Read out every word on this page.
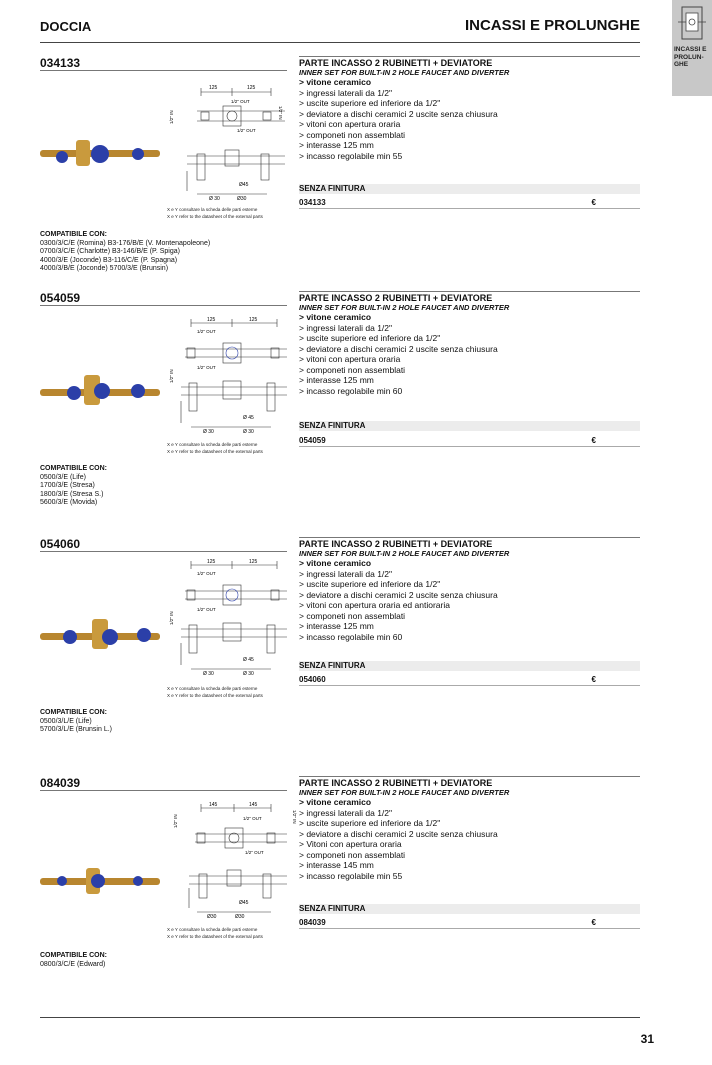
DOCCIA	INCASSI E PROLUNGHE
INCASSI E
PROLUN-
GHE
034133	PARTE INCASSO 2 RUBINETTI + DEVIATORE
INNER SET FOR BUILT-IN 2 HOLE FAUCET AND DIVERTER
> vitone ceramico
> ingressi laterali da 1/2"
> uscite superiore ed inferiore da 1/2"
> deviatore a dischi ceramici 2 uscite senza chiusura
> vitoni con apertura oraria
> componeti non assemblati
> interasse 125 mm
> incasso regolabile min 55
SENZA FINITURA
034133	€
125	125
1/2" OUT
1/2" OUT
1/2" IN	1/2" IN
Ø45
Ø 30	Ø30
X e Y consultare la scheda delle parti esterne
X e Y refer to the datasheet of the external parts
COMPATIBILE CON:
0300/3/C/E (Romina) B3-176/B/E (V. Montenapoleone)
0700/3/C/E (Charlotte) B3-146/B/E (P. Spiga)
4000/3/E (Joconde) B3-116/C/E (P. Spagna)
4000/3/B/E (Joconde) 5700/3/E (Brunsin)
054059	PARTE INCASSO 2 RUBINETTI + DEVIATORE
INNER SET FOR BUILT-IN 2 HOLE FAUCET AND DIVERTER
> vitone ceramico
> ingressi laterali da 1/2"
> uscite superiore ed inferiore da 1/2"
> deviatore a dischi ceramici 2 uscite senza chiusura
> vitoni con apertura oraria
> componeti non assemblati
> interasse 125 mm
> incasso regolabile min 60
SENZA FINITURA
054059	€
125	125
1/2" OUT
1/2" OUT
1/2" IN
Ø 45
Ø 30	Ø 30
X e Y consultare la scheda delle parti esterne
X e Y refer to the datasheet of the external parts
COMPATIBILE CON:
0500/3/E (Life)
1700/3/E (Stresa)
1800/3/E (Stresa S.)
5600/3/E (Movida)
054060	PARTE INCASSO 2 RUBINETTI + DEVIATORE
INNER SET FOR BUILT-IN 2 HOLE FAUCET AND DIVERTER
> vitone ceramico
> ingressi laterali da 1/2"
> uscite superiore ed inferiore da 1/2"
> deviatore a dischi ceramici 2 uscite senza chiusura
> vitoni con apertura oraria ed antioraria
> componeti non assemblati
> interasse 125 mm
> incasso regolabile min 60
SENZA FINITURA
054060	€
125	125
1/2" OUT
1/2" OUT
1/2" IN
Ø 45
Ø 30	Ø 30
X e Y consultare la scheda delle parti esterne
X e Y refer to the datasheet of the external parts
COMPATIBILE CON:
0500/3/L/E (Life)
5700/3/L/E (Brunsin L.)
084039	PARTE INCASSO 2 RUBINETTI + DEVIATORE
INNER SET FOR BUILT-IN 2 HOLE FAUCET AND DIVERTER
> vitone ceramico
> ingressi laterali da 1/2"
> uscite superiore ed inferiore da 1/2"
> deviatore a dischi ceramici 2 uscite senza chiusura
> Vitoni con apertura oraria
> componeti non assemblati
> interasse 145 mm
> incasso regolabile min 55
SENZA FINITURA
084039	€
145	145
1/2" OUT
1/2" OUT
1/2" IN	1/2" IN
Ø45
Ø30	Ø30
X e Y consultare la scheda delle parti esterne
X e Y refer to the datasheet of the external parts
COMPATIBILE CON:
0800/3/C/E (Edward)
31
